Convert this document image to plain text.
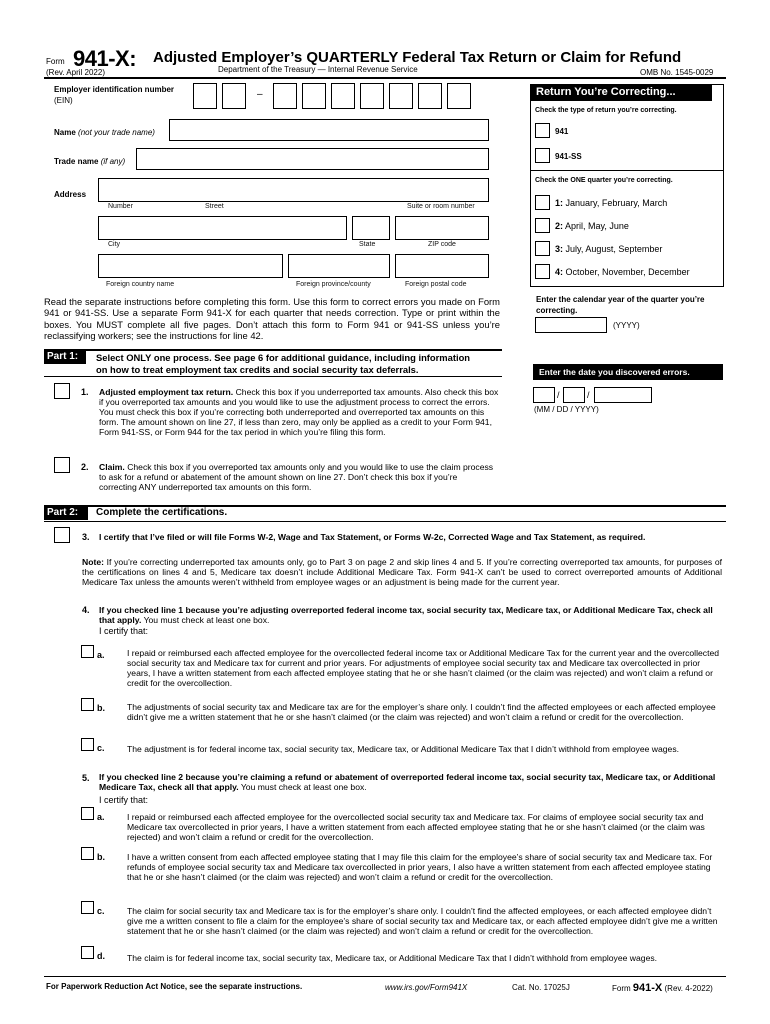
Form 941-X: Adjusted Employer’s QUARTERLY Federal Tax Return or Claim for Refund
(Rev. April 2022)	Department of the Treasury — Internal Revenue Service	OMB No. 1545-0029
Employer identification number
(EIN)
–
Name (not your trade name)
Trade name (if any)
Address
Number	Street	Suite or room number
City	State	ZIP code
Foreign country name	Foreign province/county	Foreign postal code
Read the separate instructions before completing this form. Use this form to correct errors you made on Form 941 or 941-SS. Use a separate Form 941-X for each quarter that needs correction. Type or print within the boxes. You MUST complete all five pages. Don’t attach this form to Form 941 or 941-SS unless you’re reclassifying workers; see the instructions for line 42.
Return You’re Correcting...
Check the type of return you’re correcting.
941
941-SS
Check the ONE quarter you’re correcting.
1: January, February, March
2: April, May, June
3: July, August, September
4: October, November, December
Enter the calendar year of the quarter you’re correcting.
(YYYY)
Enter the date you discovered errors.
/	/
(MM / DD / YYYY)
Part 1:	Select ONLY one process. See page 6 for additional guidance, including information
on how to treat employment tax credits and social security tax deferrals.
1. Adjusted employment tax return. Check this box if you underreported tax amounts. Also check this box if you overreported tax amounts and you would like to use the adjustment process to correct the errors. You must check this box if you’re correcting both underreported and overreported tax amounts on this form. The amount shown on line 27, if less than zero, may only be applied as a credit to your Form 941, Form 941-SS, or Form 944 for the tax period in which you’re filing this form.
2. Claim. Check this box if you overreported tax amounts only and you would like to use the claim process to ask for a refund or abatement of the amount shown on line 27. Don’t check this box if you’re correcting ANY underreported tax amounts on this form.
Part 2:	Complete the certifications.
3. I certify that I’ve filed or will file Forms W-2, Wage and Tax Statement, or Forms W-2c, Corrected Wage and Tax Statement, as required.
Note: If you’re correcting underreported tax amounts only, go to Part 3 on page 2 and skip lines 4 and 5. If you’re correcting overreported tax amounts, for purposes of the certifications on lines 4 and 5, Medicare tax doesn’t include Additional Medicare Tax. Form 941-X can’t be used to correct overreported amounts of Additional Medicare Tax unless the amounts weren’t withheld from employee wages or an adjustment is being made for the current year.
4. If you checked line 1 because you’re adjusting overreported federal income tax, social security tax, Medicare tax, or Additional Medicare Tax, check all that apply. You must check at least one box.
I certify that:
a.	I repaid or reimbursed each affected employee for the overcollected federal income tax or Additional Medicare Tax for the current year and the overcollected social security tax and Medicare tax for current and prior years. For adjustments of employee social security tax and Medicare tax overcollected in prior years, I have a written statement from each affected employee stating that he or she hasn’t claimed (or the claim was rejected) and won’t claim a refund or credit for the overcollection.
b.	The adjustments of social security tax and Medicare tax are for the employer’s share only. I couldn’t find the affected employees or each affected employee didn’t give me a written statement that he or she hasn’t claimed (or the claim was rejected) and won’t claim a refund or credit for the overcollection.
c.	The adjustment is for federal income tax, social security tax, Medicare tax, or Additional Medicare Tax that I didn’t withhold from employee wages.
5. If you checked line 2 because you’re claiming a refund or abatement of overreported federal income tax, social security tax, Medicare tax, or Additional Medicare Tax, check all that apply. You must check at least one box.
I certify that:
a.	I repaid or reimbursed each affected employee for the overcollected social security tax and Medicare tax. For claims of employee social security tax and Medicare tax overcollected in prior years, I have a written statement from each affected employee stating that he or she hasn’t claimed (or the claim was rejected) and won’t claim a refund or credit for the overcollection.
b.	I have a written consent from each affected employee stating that I may file this claim for the employee’s share of social security tax and Medicare tax. For refunds of employee social security tax and Medicare tax overcollected in prior years, I also have a written statement from each affected employee stating that he or she hasn’t claimed (or the claim was rejected) and won’t claim a refund or credit for the overcollection.
c.	The claim for social security tax and Medicare tax is for the employer’s share only. I couldn’t find the affected employees, or each affected employee didn’t give me a written consent to file a claim for the employee’s share of social security tax and Medicare tax, or each affected employee didn’t give me a written statement that he or she hasn’t claimed (or the claim was rejected) and won’t claim a refund or credit for the overcollection.
d.	The claim is for federal income tax, social security tax, Medicare tax, or Additional Medicare Tax that I didn’t withhold from employee wages.
For Paperwork Reduction Act Notice, see the separate instructions.	www.irs.gov/Form941X	Cat. No. 17025J	Form 941-X (Rev. 4-2022)
